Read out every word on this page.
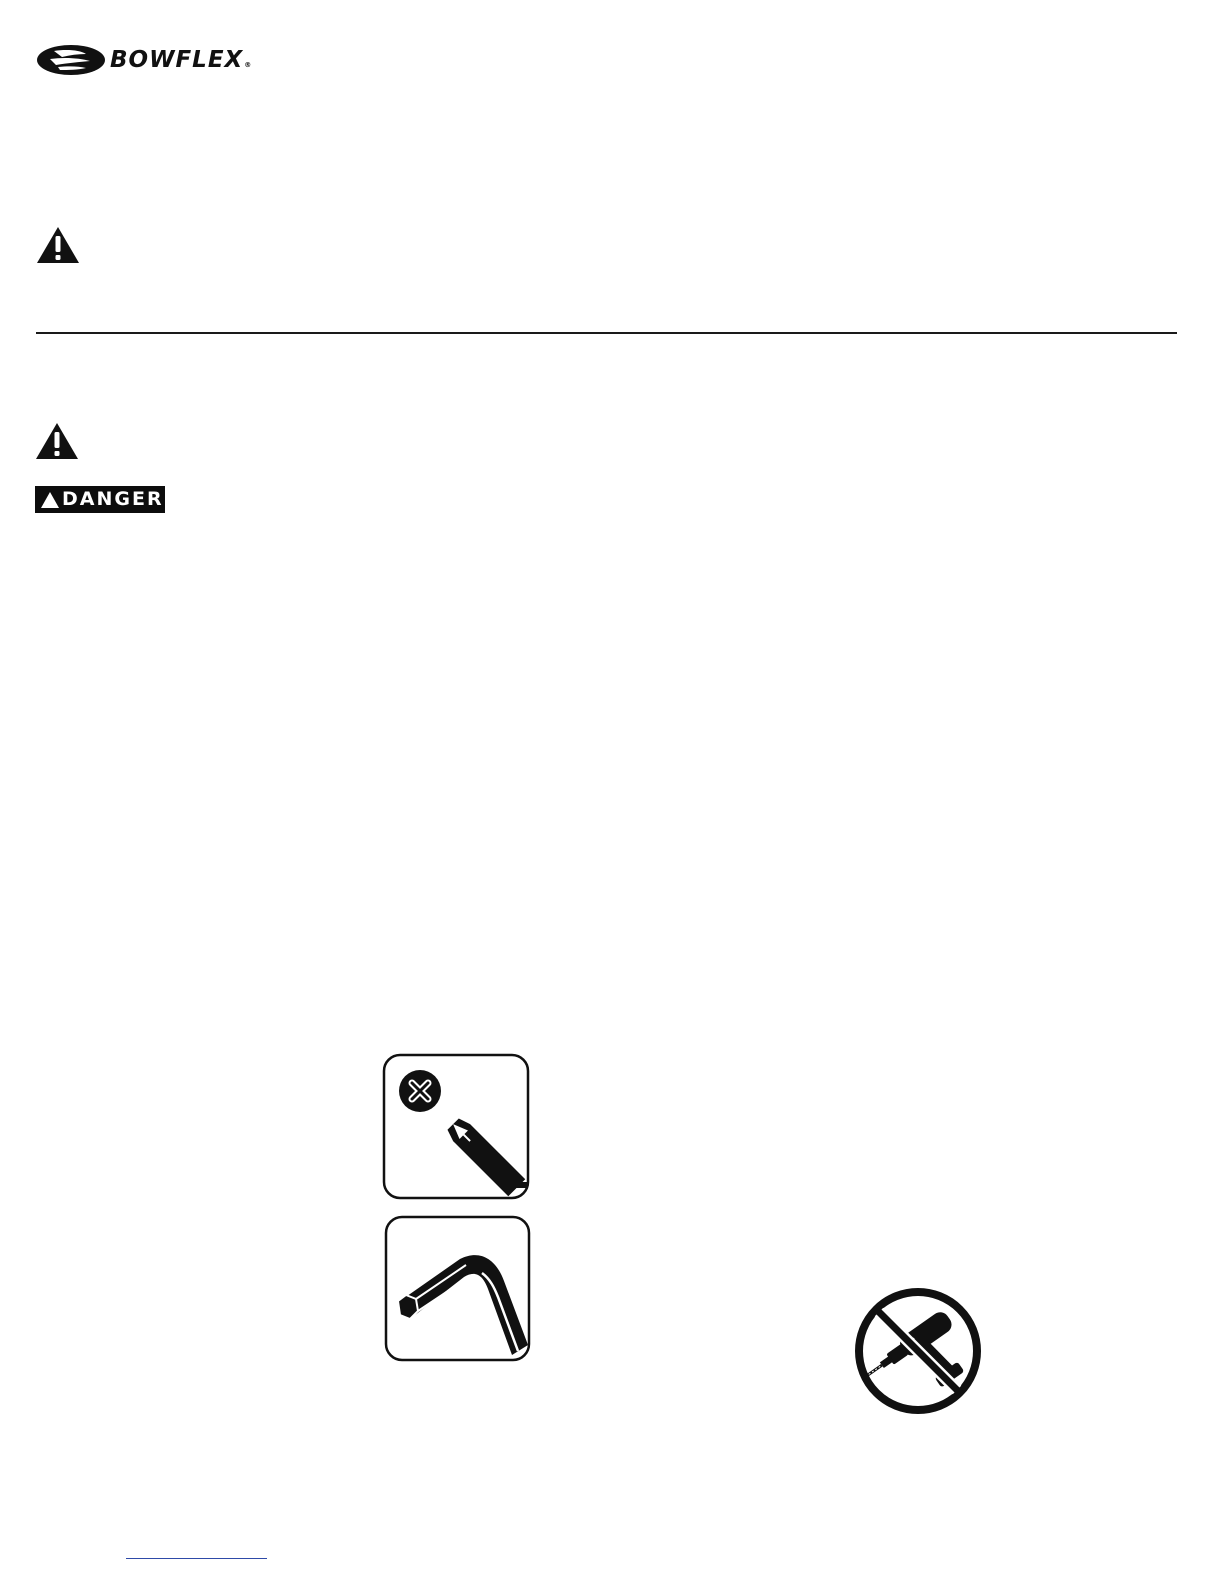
BOWFLEX®
DANGER
